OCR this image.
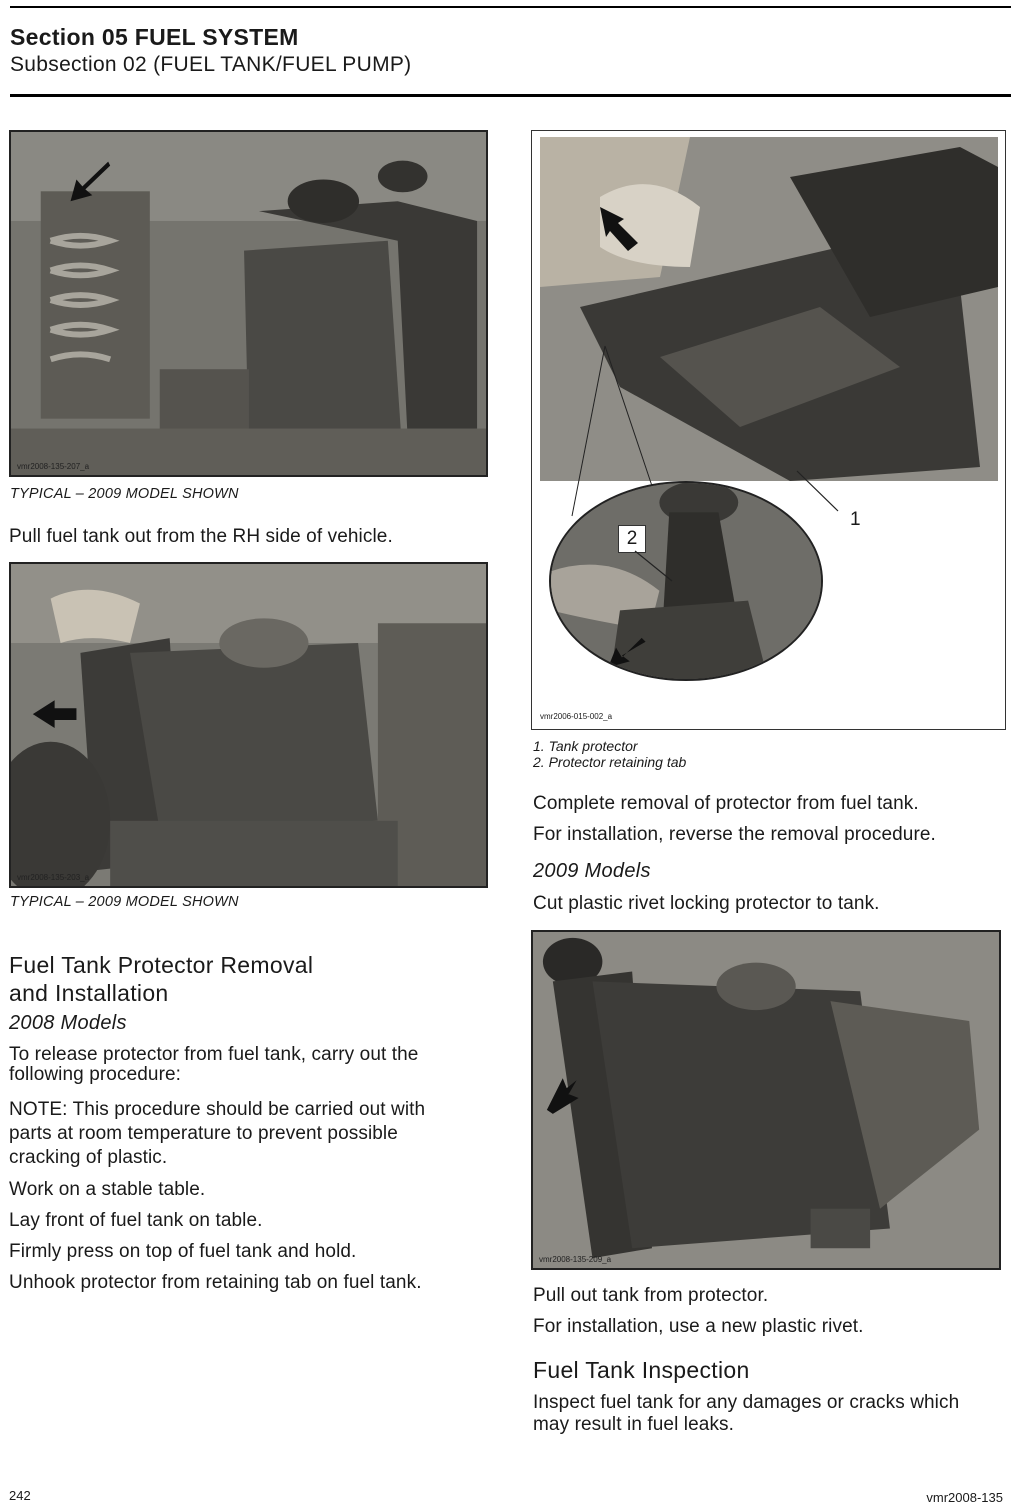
Section 05 FUEL SYSTEM
Subsection 02 (FUEL TANK/FUEL PUMP)
vmr2008-135-207_a
TYPICAL – 2009 MODEL SHOWN
Pull fuel tank out from the RH side of vehicle.
vmr2008-135-203_a
TYPICAL – 2009 MODEL SHOWN
Fuel Tank Protector Removal
and Installation
2008 Models
To release protector from fuel tank, carry out the
following procedure:
NOTE: This procedure should be carried out with
parts at room temperature to prevent possible
cracking of plastic.
Work on a stable table.
Lay front of fuel tank on table.
Firmly press on top of fuel tank and hold.
Unhook protector from retaining tab on fuel tank.
1
2
vmr2006-015-002_a
1. Tank protector
2. Protector retaining tab
Complete removal of protector from fuel tank.
For installation, reverse the removal procedure.
2009 Models
Cut plastic rivet locking protector to tank.
vmr2008-135-209_a
Pull out tank from protector.
For installation, use a new plastic rivet.
Fuel Tank Inspection
Inspect fuel tank for any damages or cracks which
may result in fuel leaks.
242	vmr2008-135
